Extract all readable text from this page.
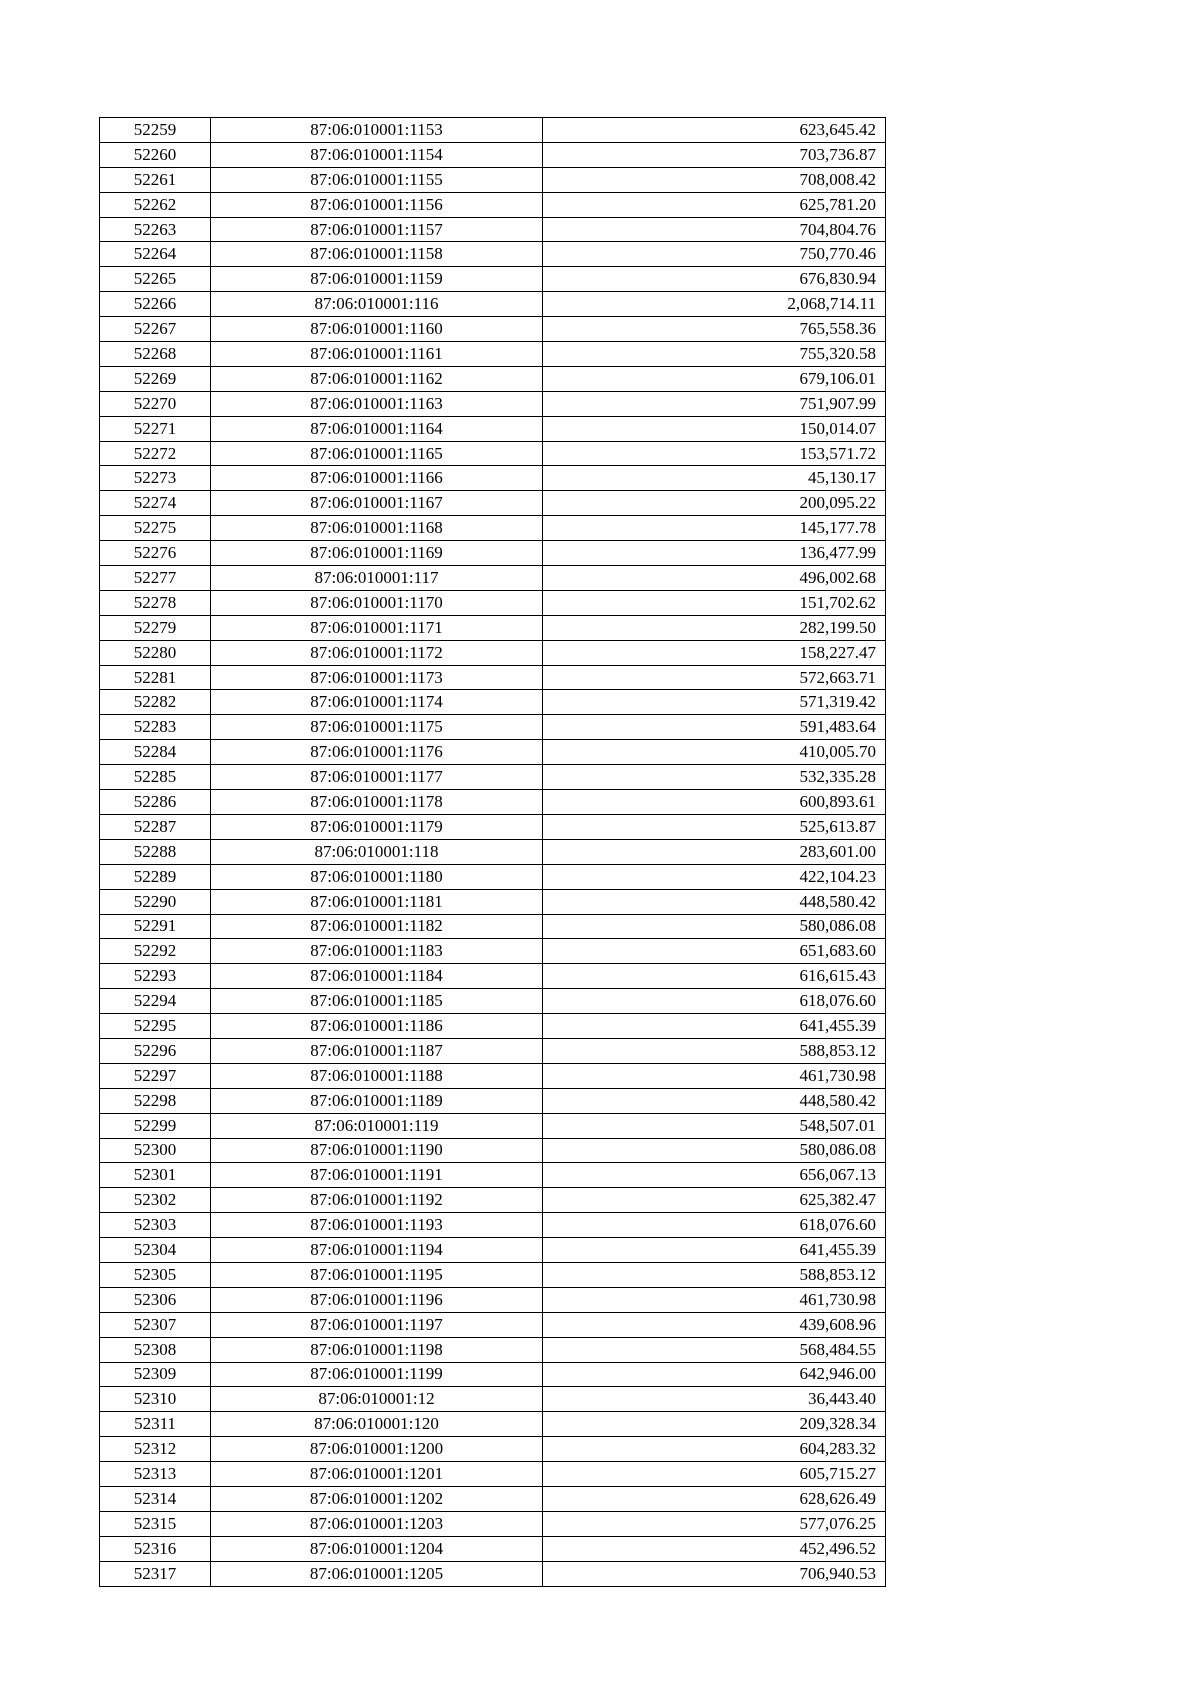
52259	87:06:010001:1153	623,645.42
52260	87:06:010001:1154	703,736.87
52261	87:06:010001:1155	708,008.42
52262	87:06:010001:1156	625,781.20
52263	87:06:010001:1157	704,804.76
52264	87:06:010001:1158	750,770.46
52265	87:06:010001:1159	676,830.94
52266	87:06:010001:116	2,068,714.11
52267	87:06:010001:1160	765,558.36
52268	87:06:010001:1161	755,320.58
52269	87:06:010001:1162	679,106.01
52270	87:06:010001:1163	751,907.99
52271	87:06:010001:1164	150,014.07
52272	87:06:010001:1165	153,571.72
52273	87:06:010001:1166	45,130.17
52274	87:06:010001:1167	200,095.22
52275	87:06:010001:1168	145,177.78
52276	87:06:010001:1169	136,477.99
52277	87:06:010001:117	496,002.68
52278	87:06:010001:1170	151,702.62
52279	87:06:010001:1171	282,199.50
52280	87:06:010001:1172	158,227.47
52281	87:06:010001:1173	572,663.71
52282	87:06:010001:1174	571,319.42
52283	87:06:010001:1175	591,483.64
52284	87:06:010001:1176	410,005.70
52285	87:06:010001:1177	532,335.28
52286	87:06:010001:1178	600,893.61
52287	87:06:010001:1179	525,613.87
52288	87:06:010001:118	283,601.00
52289	87:06:010001:1180	422,104.23
52290	87:06:010001:1181	448,580.42
52291	87:06:010001:1182	580,086.08
52292	87:06:010001:1183	651,683.60
52293	87:06:010001:1184	616,615.43
52294	87:06:010001:1185	618,076.60
52295	87:06:010001:1186	641,455.39
52296	87:06:010001:1187	588,853.12
52297	87:06:010001:1188	461,730.98
52298	87:06:010001:1189	448,580.42
52299	87:06:010001:119	548,507.01
52300	87:06:010001:1190	580,086.08
52301	87:06:010001:1191	656,067.13
52302	87:06:010001:1192	625,382.47
52303	87:06:010001:1193	618,076.60
52304	87:06:010001:1194	641,455.39
52305	87:06:010001:1195	588,853.12
52306	87:06:010001:1196	461,730.98
52307	87:06:010001:1197	439,608.96
52308	87:06:010001:1198	568,484.55
52309	87:06:010001:1199	642,946.00
52310	87:06:010001:12	36,443.40
52311	87:06:010001:120	209,328.34
52312	87:06:010001:1200	604,283.32
52313	87:06:010001:1201	605,715.27
52314	87:06:010001:1202	628,626.49
52315	87:06:010001:1203	577,076.25
52316	87:06:010001:1204	452,496.52
52317	87:06:010001:1205	706,940.53
